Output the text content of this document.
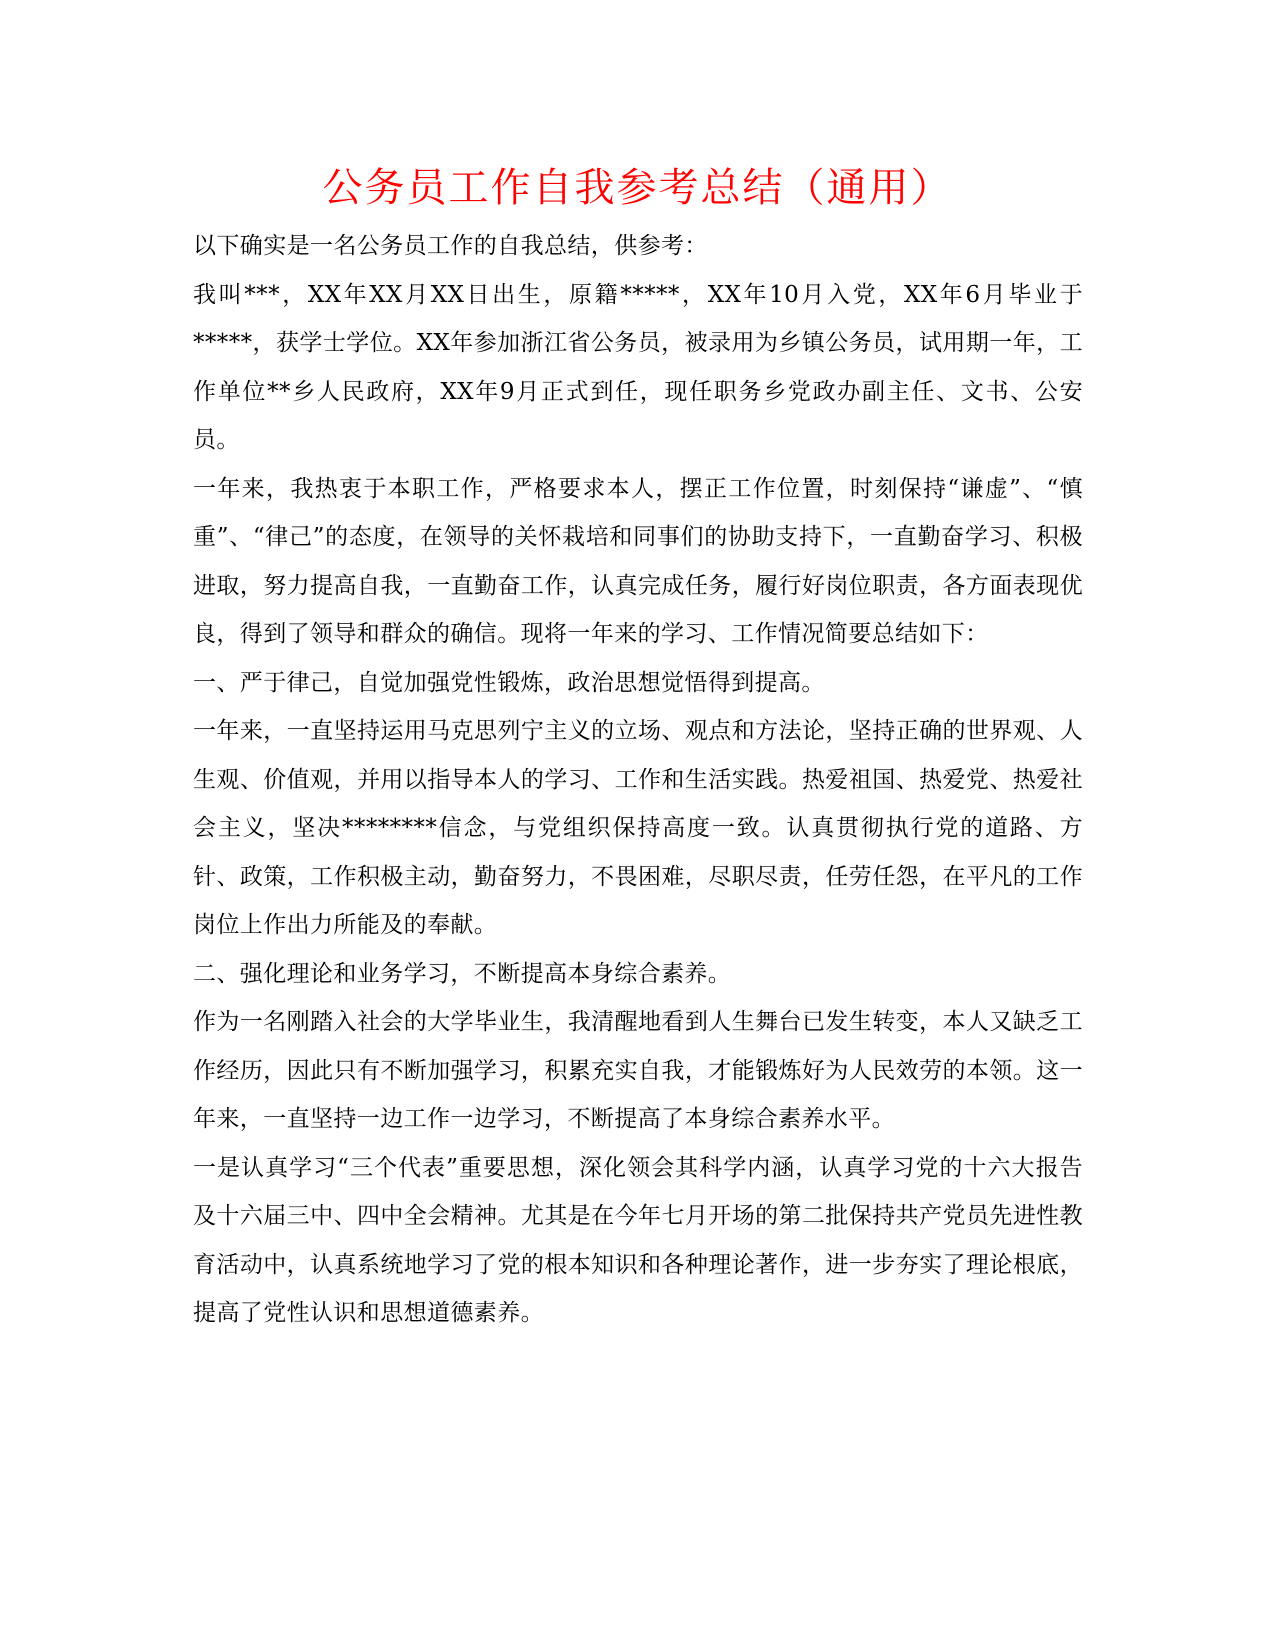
公务员工作自我参考总结（通用）

以下确实是一名公务员工作的自我总结，供参考：

我叫***，XX年XX月XX日出生，原籍*****，XX年10月入党，XX年6月毕业于*****，获学士学位。XX年参加浙江省公务员，被录用为乡镇公务员，试用期一年，工作单位**乡人民政府，XX年9月正式到任，现任职务乡党政办副主任、文书、公安员。

一年来，我热衷于本职工作，严格要求本人，摆正工作位置，时刻保持“谦虚”、“慎重”、“律己”的态度，在领导的关怀栽培和同事们的协助支持下，一直勤奋学习、积极进取，努力提高自我，一直勤奋工作，认真完成任务，履行好岗位职责，各方面表现优良，得到了领导和群众的确信。现将一年来的学习、工作情况简要总结如下：

一、严于律己，自觉加强党性锻炼，政治思想觉悟得到提高。

一年来，一直坚持运用马克思列宁主义的立场、观点和方法论，坚持正确的世界观、人生观、价值观，并用以指导本人的学习、工作和生活实践。热爱祖国、热爱党、热爱社会主义，坚决********信念，与党组织保持高度一致。认真贯彻执行党的道路、方针、政策，工作积极主动，勤奋努力，不畏困难，尽职尽责，任劳任怨，在平凡的工作岗位上作出力所能及的奉献。

二、强化理论和业务学习，不断提高本身综合素养。

作为一名刚踏入社会的大学毕业生，我清醒地看到人生舞台已发生转变，本人又缺乏工作经历，因此只有不断加强学习，积累充实自我，才能锻炼好为人民效劳的本领。这一年来，一直坚持一边工作一边学习，不断提高了本身综合素养水平。

一是认真学习“三个代表”重要思想，深化领会其科学内涵，认真学习党的十六大报告及十六届三中、四中全会精神。尤其是在今年七月开场的第二批保持共产党员先进性教育活动中，认真系统地学习了党的根本知识和各种理论著作，进一步夯实了理论根底，提高了党性认识和思想道德素养。
